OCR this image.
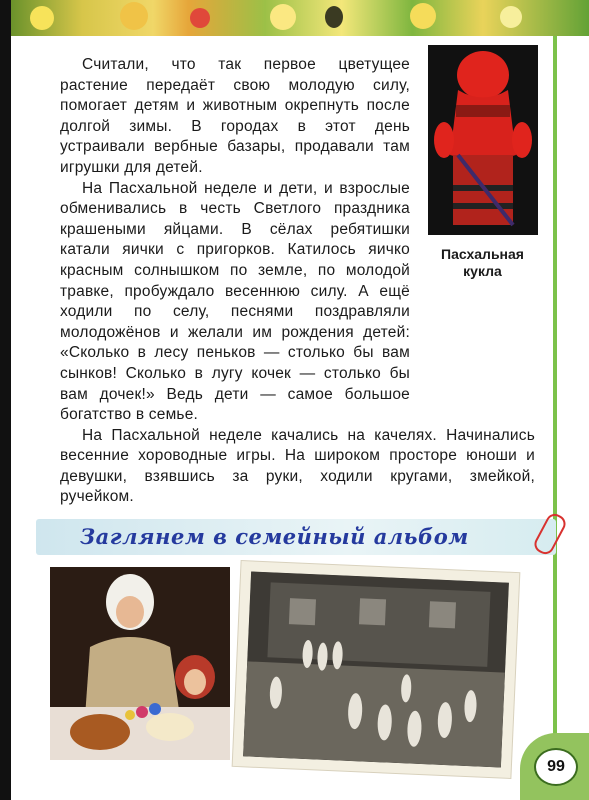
Считали, что так первое цветущее растение передаёт свою молодую силу, помогает детям и животным окрепнуть после долгой зимы. В городах в этот день устраивали вербные базары, продавали там игрушки для детей.

На Пасхальной неделе и дети, и взрослые обменивались в честь Светлого праздника крашеными яйцами. В сёлах ребятишки катали яички с пригорков. Катилось яичко красным солнышком по земле, по молодой травке, пробуждало весеннюю силу. А ещё ходили по селу, песнями поздравляли молодожёнов и желали им рождения детей: «Сколько в лесу пеньков — столько бы вам сынков! Сколько в лугу кочек — столько бы вам дочек!» Ведь дети — самое большое богатство в семье.

На Пасхальной неделе качались на качелях. Начинались весенние хороводные игры. На широком просторе юноши и девушки, взявшись за руки, ходили кругами, змейкой, ручейком.

Пасхальная кукла
Заглянем в семейный альбом
99
